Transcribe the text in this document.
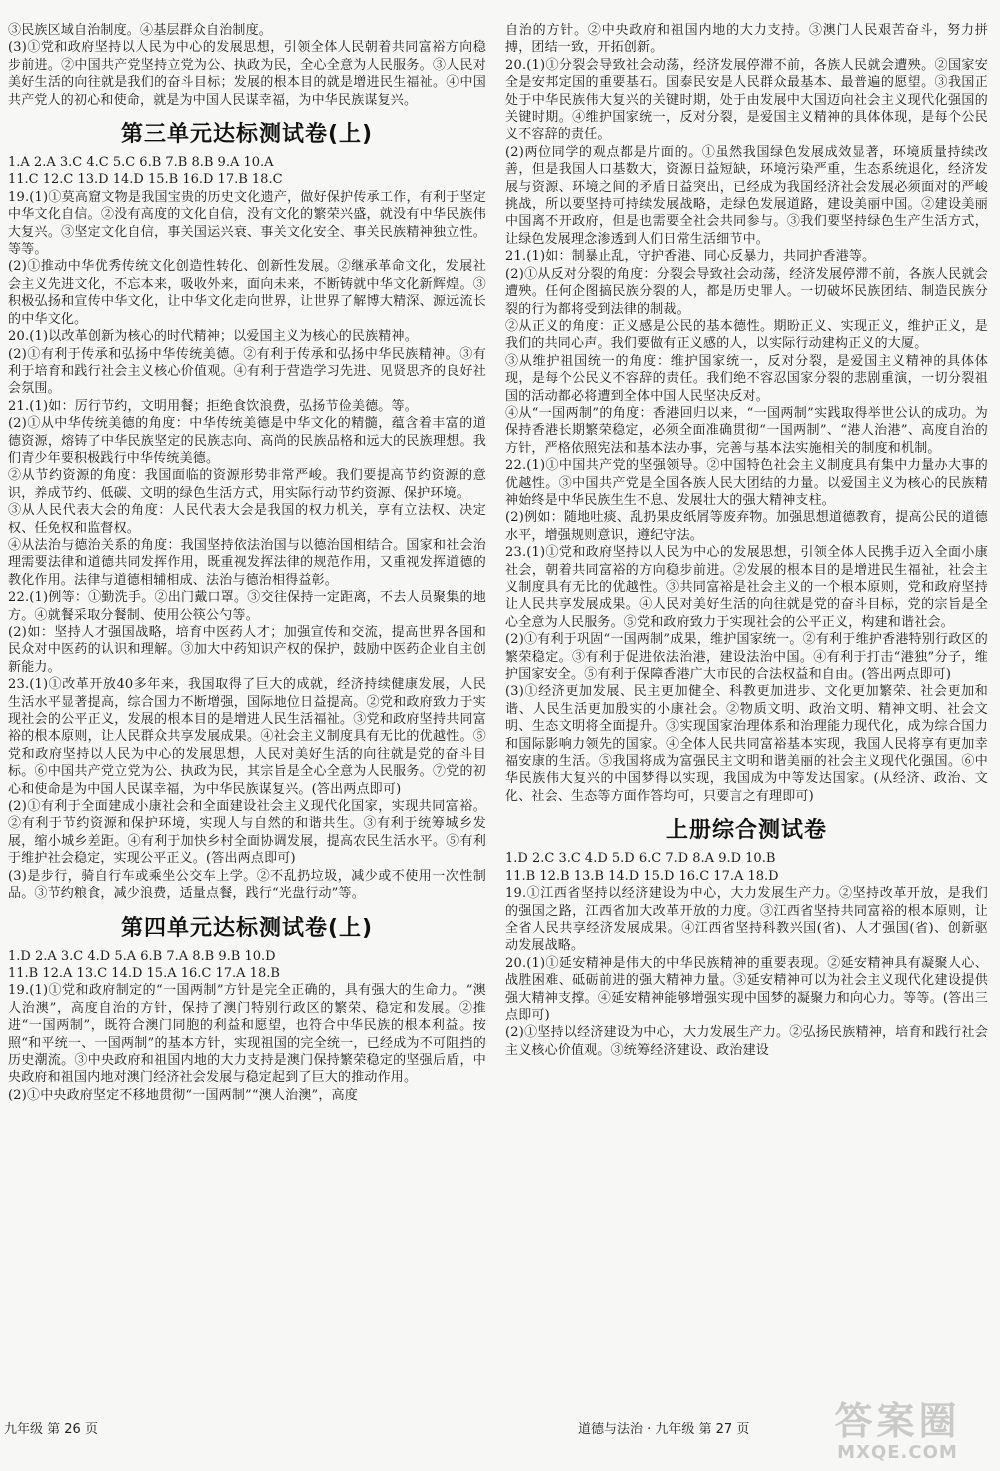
③民族区域自治制度。④基层群众自治制度。

(3)①党和政府坚持以人民为中心的发展思想，引领全体人民朝着共同富裕方向稳步前进。②中国共产党坚持立党为公、执政为民，全心全意为人民服务。③人民对美好生活的向往就是我们的奋斗目标；发展的根本目的就是增进民生福祉。④中国共产党人的初心和使命，就是为中国人民谋幸福，为中华民族谋复兴。

第三单元达标测试卷(上)

1.A 2.A 3.C 4.C 5.C 6.B 7.B 8.B 9.A 10.A

11.C 12.C 13.D 14.D 15.B 16.D 17.B 18.C

19.(1)①莫高窟文物是我国宝贵的历史文化遗产，做好保护传承工作，有利于坚定中华文化自信。②没有高度的文化自信，没有文化的繁荣兴盛，就没有中华民族伟大复兴。③坚定文化自信，事关国运兴衰、事关文化安全、事关民族精神独立性。等等。

(2)①推动中华优秀传统文化创造性转化、创新性发展。②继承革命文化，发展社会主义先进文化，不忘本来，吸收外来，面向未来，不断铸就中华文化新辉煌。③积极弘扬和宣传中华文化，让中华文化走向世界，让世界了解博大精深、源远流长的中华文化。

20.(1)以改革创新为核心的时代精神；以爱国主义为核心的民族精神。

(2)①有利于传承和弘扬中华传统美德。②有利于传承和弘扬中华民族精神。③有利于培育和践行社会主义核心价值观。④有利于营造学习先进、见贤思齐的良好社会氛围。

21.(1)如：厉行节约，文明用餐；拒绝食饮浪费，弘扬节俭美德。等。

(2)①从中华传统美德的角度：中华传统美德是中华文化的精髓，蕴含着丰富的道德资源，熔铸了中华民族坚定的民族志向、高尚的民族品格和远大的民族理想。我们青少年要积极践行中华传统美德。

②从节约资源的角度：我国面临的资源形势非常严峻。我们要提高节约资源的意识，养成节约、低碳、文明的绿色生活方式，用实际行动节约资源、保护环境。

③从人民代表大会的角度：人民代表大会是我国的权力机关，享有立法权、决定权、任免权和监督权。

④从法治与德治关系的角度：我国坚持依法治国与以德治国相结合。国家和社会治理需要法律和道德共同发挥作用，既重视发挥法律的规范作用，又重视发挥道德的教化作用。法律与道德相辅相成、法治与德治相得益彰。

22.(1)例等：①勤洗手。②出门戴口罩。③交往保持一定距离，不去人员聚集的地方。④就餐采取分餐制、使用公筷公勺等。

(2)如：坚持人才强国战略，培育中医药人才；加强宣传和交流，提高世界各国和民众对中医药的认识和理解。③加大中药知识产权的保护，鼓励中医药企业自主创新能力。

23.(1)①改革开放40多年来，我国取得了巨大的成就，经济持续健康发展，人民生活水平显著提高，综合国力不断增强，国际地位日益提高。②党和政府致力于实现社会的公平正义，发展的根本目的是增进人民生活福祉。③党和政府坚持共同富裕的根本原则，让人民群众共享发展成果。④社会主义制度具有无比的优越性。⑤党和政府坚持以人民为中心的发展思想，人民对美好生活的向往就是党的奋斗目标。⑥中国共产党立党为公、执政为民，其宗旨是全心全意为人民服务。⑦党的初心和使命是为中国人民谋幸福，为中华民族谋复兴。(答出两点即可)

(2)①有利于全面建成小康社会和全面建设社会主义现代化国家，实现共同富裕。②有利于节约资源和保护环境，实现人与自然的和谐共生。③有利于统筹城乡发展，缩小城乡差距。④有利于加快乡村全面协调发展，提高农民生活水平。⑤有利于维护社会稳定，实现公平正义。(答出两点即可)

(3)是步行，骑自行车或乘坐公交车上学。②不乱扔垃圾，减少或不使用一次性制品。③节约粮食，减少浪费，适量点餐，践行“光盘行动”等。

第四单元达标测试卷(上)

1.D 2.A 3.C 4.D 5.A 6.B 7.A 8.B 9.B 10.D

11.B 12.A 13.C 14.D 15.A 16.C 17.A 18.B

19.(1)①党和政府制定的“一国两制”方针是完全正确的，具有强大的生命力。“澳人治澳”，高度自治的方针，保持了澳门特别行政区的繁荣、稳定和发展。②推进“一国两制”，既符合澳门同胞的利益和愿望，也符合中华民族的根本利益。按照“和平统一、一国两制”的基本方针，实现祖国的完全统一，已经成为不可阻挡的历史潮流。③中央政府和祖国内地的大力支持是澳门保持繁荣稳定的坚强后盾，中央政府和祖国内地对澳门经济社会发展与稳定起到了巨大的推动作用。

(2)①中央政府坚定不移地贯彻“一国两制”“澳人治澳”，高度

自治的方针。②中央政府和祖国内地的大力支持。③澳门人民艰苦奋斗，努力拼搏，团结一致，开拓创新。

20.(1)①分裂会导致社会动荡，经济发展停滞不前，各族人民就会遭殃。②国家安全是安邦定国的重要基石。国泰民安是人民群众最基本、最普遍的愿望。③我国正处于中华民族伟大复兴的关键时期，处于由发展中大国迈向社会主义现代化强国的关键时期。④维护国家统一，反对分裂，是爱国主义精神的具体体现，是每个公民义不容辞的责任。

(2)两位同学的观点都是片面的。①虽然我国绿色发展成效显著，环境质量持续改善，但是我国人口基数大，资源日益短缺，环境污染严重，生态系统退化，经济发展与资源、环境之间的矛盾日益突出，已经成为我国经济社会发展必须面对的严峻挑战，所以要坚持可持续发展战略，走绿色发展道路，建设美丽中国。②建设美丽中国离不开政府，但是也需要全社会共同参与。③我们要坚持绿色生产生活方式，让绿色发展理念渗透到人们日常生活细节中。

21.(1)如：制暴止乱，守护香港、同心反暴力，共同护香港等。

(2)①从反对分裂的角度：分裂会导致社会动荡，经济发展停滞不前，各族人民就会遭殃。任何企图搞民族分裂的人，都是历史罪人。一切破坏民族团结、制造民族分裂的行为都将受到法律的制裁。

②从正义的角度：正义感是公民的基本德性。期盼正义、实现正义，维护正义，是我们的共同心声。我们要做有正义感的人，以实际行动建构正义的大厦。

③从维护祖国统一的角度：维护国家统一，反对分裂，是爱国主义精神的具体体现，是每个公民义不容辞的责任。我们绝不容忍国家分裂的悲剧重演，一切分裂祖国的活动都必将遭到全体中国人民坚决反对。

④从“一国两制”的角度：香港回归以来，“一国两制”实践取得举世公认的成功。为保持香港长期繁荣稳定，必须全面准确贯彻“一国两制”、“港人治港”、高度自治的方针，严格依照宪法和基本法办事，完善与基本法实施相关的制度和机制。

22.(1)①中国共产党的坚强领导。②中国特色社会主义制度具有集中力量办大事的优越性。③中国共产党是全国各族人民大团结的力量。以爱国主义为核心的民族精神始终是中华民族生生不息、发展壮大的强大精神支柱。

(2)例如：随地吐痰、乱扔果皮纸屑等废弃物。加强思想道德教育，提高公民的道德水平，增强规则意识，遵纪守法。

23.(1)①党和政府坚持以人民为中心的发展思想，引领全体人民携手迈入全面小康社会，朝着共同富裕的方向稳步前进。②发展的根本目的是增进民生福祉，社会主义制度具有无比的优越性。③共同富裕是社会主义的一个根本原则，党和政府坚持让人民共享发展成果。④人民对美好生活的向往就是党的奋斗目标，党的宗旨是全心全意为人民服务。⑤党和政府致力于实现社会的公平正义，构建和谐社会。

(2)①有利于巩固“一国两制”成果，维护国家统一。②有利于维护香港特别行政区的繁荣稳定。③有利于促进依法治港，建设法治中国。④有利于打击“港独”分子，维护国家安全。⑤有利于保障香港广大市民的合法权益和自由。(答出两点即可)

(3)①经济更加发展、民主更加健全、科教更加进步、文化更加繁荣、社会更加和谐、人民生活更加殷实的小康社会。②物质文明、政治文明、精神文明、社会文明、生态文明将全面提升。③实现国家治理体系和治理能力现代化，成为综合国力和国际影响力领先的国家。④全体人民共同富裕基本实现，我国人民将享有更加幸福安康的生活。⑤我国将成为富强民主文明和谐美丽的社会主义现代化强国。⑥中华民族伟大复兴的中国梦得以实现，我国成为中等发达国家。(从经济、政治、文化、社会、生态等方面作答均可，只要言之有理即可)

上册综合测试卷

1.D 2.C 3.C 4.D 5.D 6.C 7.D 8.A 9.D 10.B

11.B 12.B 13.B 14.D 15.D 16.C 17.A 18.D

19.①江西省坚持以经济建设为中心，大力发展生产力。②坚持改革开放，是我们的强国之路，江西省加大改革开放的力度。③江西省坚持共同富裕的根本原则，让全省人民共享经济发展成果。④江西省坚持科教兴国(省)、人才强国(省)、创新驱动发展战略。

20.(1)①延安精神是伟大的中华民族精神的重要表现。②延安精神具有凝聚人心、战胜困难、砥砺前进的强大精神力量。③延安精神可以为社会主义现代化建设提供强大精神支撑。④延安精神能够增强实现中国梦的凝聚力和向心力。等等。(答出三点即可)

(2)①坚持以经济建设为中心，大力发展生产力。②弘扬民族精神，培育和践行社会主义核心价值观。③统筹经济建设、政治建设

九年级 第 26 页	道德与法治 · 九年级 第 27 页	答案圈
MXQE.COM
